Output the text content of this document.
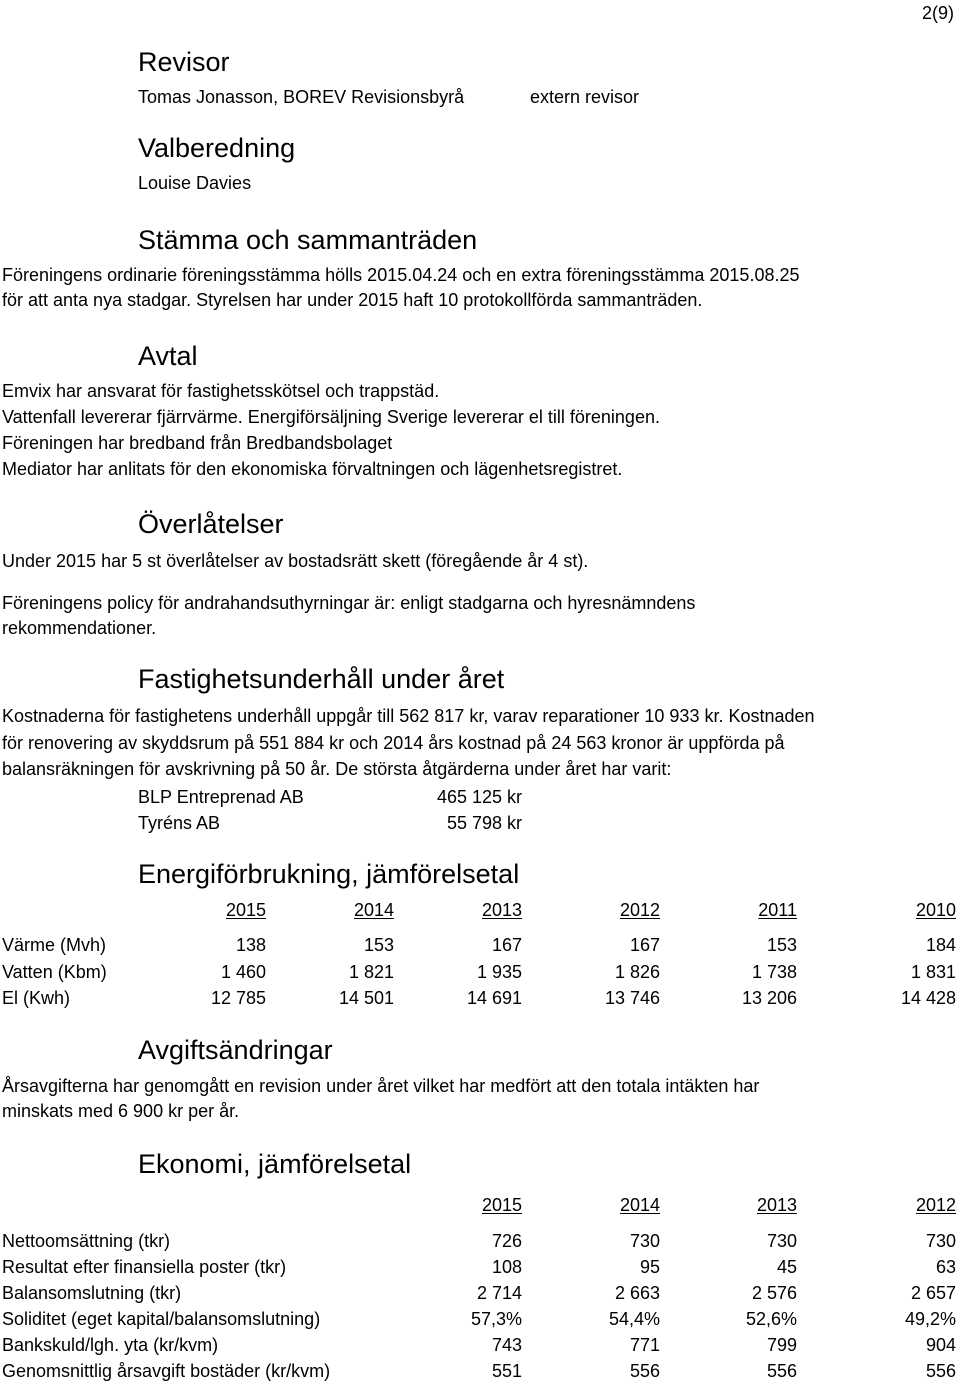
2(9)
Revisor
Tomas Jonasson, BOREV Revisionsbyrå	extern revisor
Valberedning
Louise Davies
Stämma och sammanträden
Föreningens ordinarie föreningsstämma hölls 2015.04.24 och en extra föreningsstämma 2015.08.25
för att anta nya stadgar. Styrelsen har under 2015 haft 10 protokollförda sammanträden.
Avtal
Emvix har ansvarat för fastighetsskötsel och trappstäd.
Vattenfall levererar fjärrvärme. Energiförsäljning Sverige levererar el till föreningen.
Föreningen har bredband från Bredbandsbolaget
Mediator har anlitats för den ekonomiska förvaltningen och lägenhetsregistret.
Överlåtelser
Under 2015 har 5 st överlåtelser av bostadsrätt skett (föregående år 4 st).
Föreningens policy för andrahandsuthyrningar är: enligt stadgarna och hyresnämndens
rekommendationer.
Fastighetsunderhåll under året
Kostnaderna för fastighetens underhåll uppgår till 562 817 kr, varav reparationer 10 933 kr. Kostnaden
för renovering av skyddsrum på 551 884 kr och 2014 års kostnad på 24 563 kronor är uppförda på
balansräkningen för avskrivning på 50 år. De största åtgärderna under året har varit:
BLP Entreprenad AB	465 125 kr
Tyréns AB	55 798 kr
Energiförbrukning, jämförelsetal
2015	2014	2013	2012	2011	2010
Värme (Mvh)	138	153	167	167	153	184
Vatten (Kbm)	1 460	1 821	1 935	1 826	1 738	1 831
El (Kwh)	12 785	14 501	14 691	13 746	13 206	14 428
Avgiftsändringar
Årsavgifterna har genomgått en revision under året vilket har medfört att den totala intäkten har
minskats med 6 900 kr per år.
Ekonomi, jämförelsetal
2015	2014	2013	2012
Nettoomsättning (tkr)	726	730	730	730
Resultat efter finansiella poster (tkr)	108	95	45	63
Balansomslutning (tkr)	2 714	2 663	2 576	2 657
Soliditet (eget kapital/balansomslutning)	57,3%	54,4%	52,6%	49,2%
Bankskuld/lgh. yta (kr/kvm)	743	771	799	904
Genomsnittlig årsavgift bostäder (kr/kvm)	551	556	556	556
